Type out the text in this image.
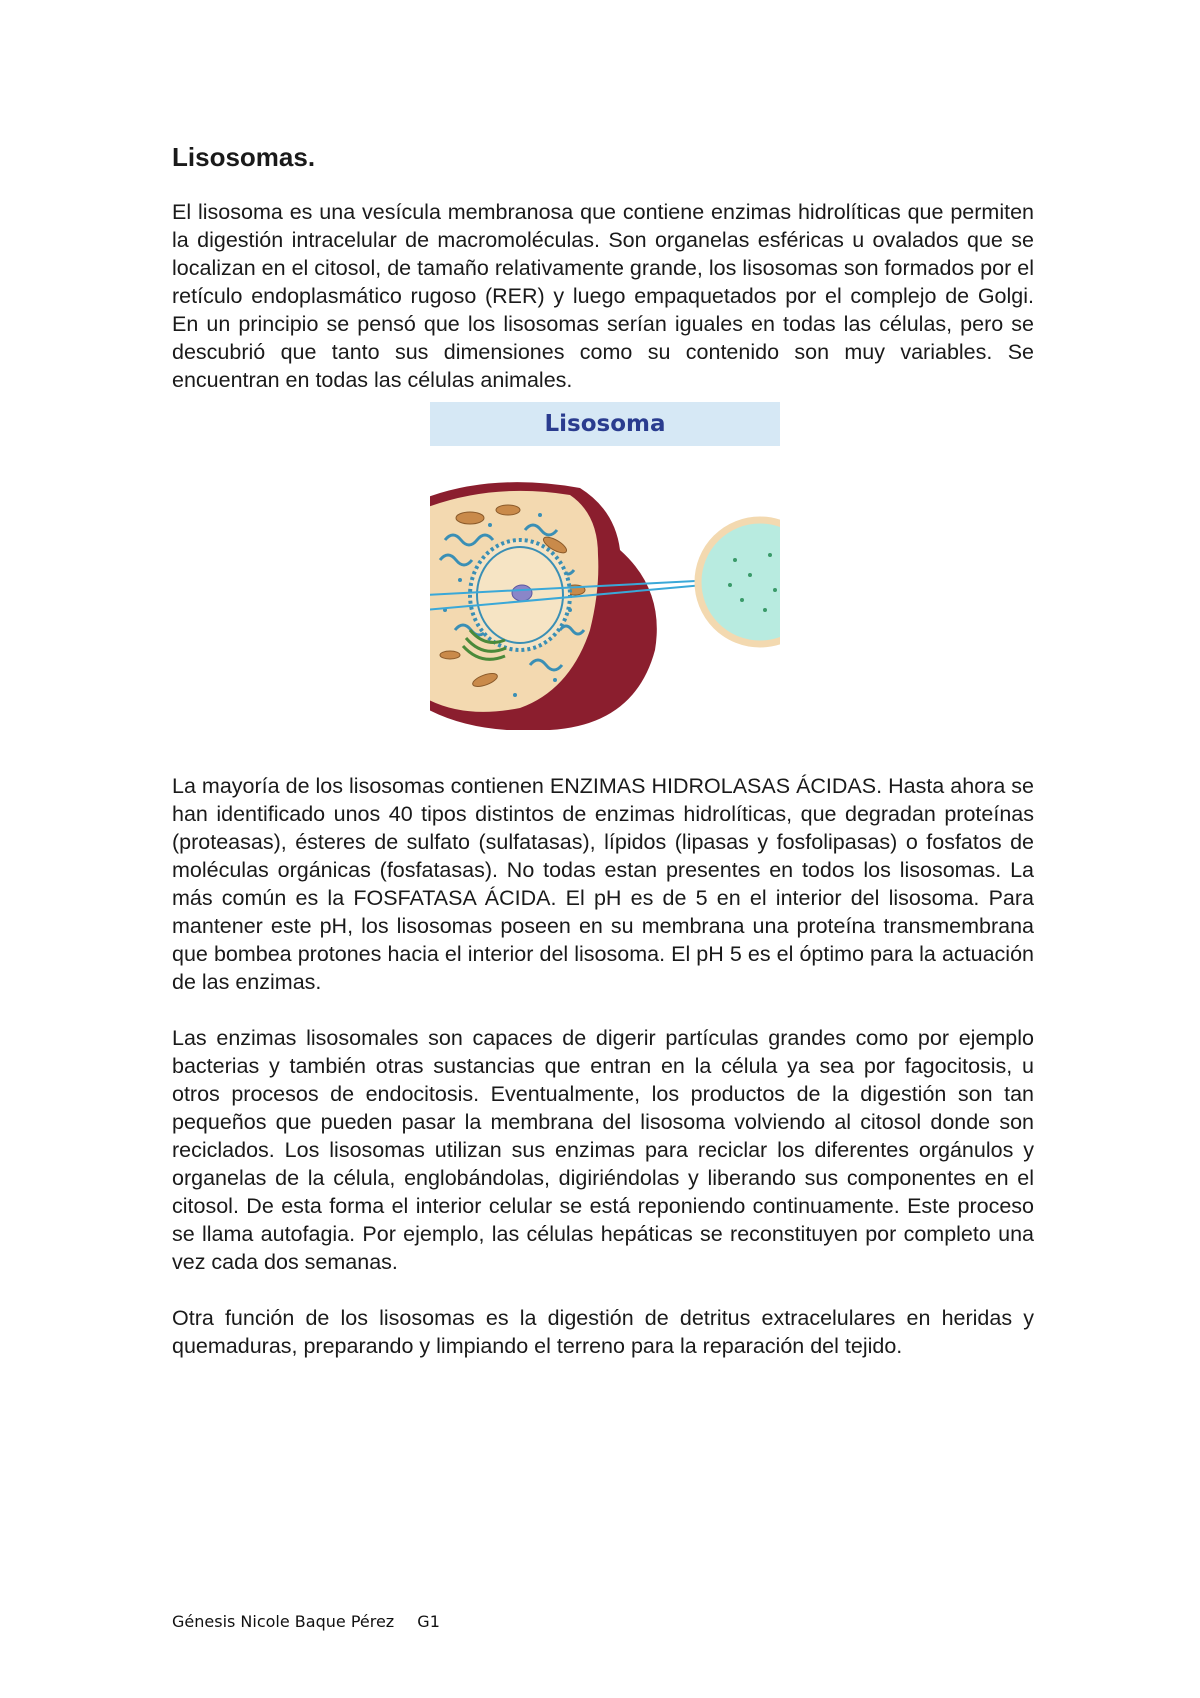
Lisosomas.

El lisosoma es una vesícula membranosa que contiene enzimas hidrolíticas que permiten la digestión intracelular de macromoléculas. Son organelas esféricas u ovalados que se localizan en el citosol, de tamaño relativamente grande, los lisosomas son formados por el retículo endoplasmático rugoso (RER) y luego empaquetados por el complejo de Golgi. En un principio se pensó que los lisosomas serían iguales en todas las células, pero se descubrió que tanto sus dimensiones como su contenido son muy variables. Se encuentran en todas las células animales.

Lisosoma

La mayoría de los lisosomas contienen ENZIMAS HIDROLASAS ÁCIDAS. Hasta ahora se han identificado unos 40 tipos distintos de enzimas hidrolíticas, que degradan proteínas (proteasas), ésteres de sulfato (sulfatasas), lípidos (lipasas y fosfolipasas) o fosfatos de moléculas orgánicas (fosfatasas). No todas estan presentes en todos los lisosomas. La más común es la FOSFATASA ÁCIDA. El pH es de 5 en el interior del lisosoma. Para mantener este pH, los lisosomas poseen en su membrana una proteína transmembrana que bombea protones hacia el interior del lisosoma. El pH 5 es el óptimo para la actuación de las enzimas.

Las enzimas lisosomales son capaces de digerir partículas grandes como por ejemplo bacterias y también otras sustancias que entran en la célula ya sea por fagocitosis, u otros procesos de endocitosis. Eventualmente, los productos de la digestión son tan pequeños que pueden pasar la membrana del lisosoma volviendo al citosol donde son reciclados. Los lisosomas utilizan sus enzimas para reciclar los diferentes orgánulos y organelas de la célula, englobándolas, digiriéndolas y liberando sus componentes en el citosol. De esta forma el interior celular se está reponiendo continuamente. Este proceso se llama autofagia. Por ejemplo, las células hepáticas se reconstituyen por completo una vez cada dos semanas.

Otra función de los lisosomas es la digestión de detritus extracelulares en heridas y quemaduras, preparando y limpiando el terreno para la reparación del tejido.

Génesis Nicole Baque Pérez G1
